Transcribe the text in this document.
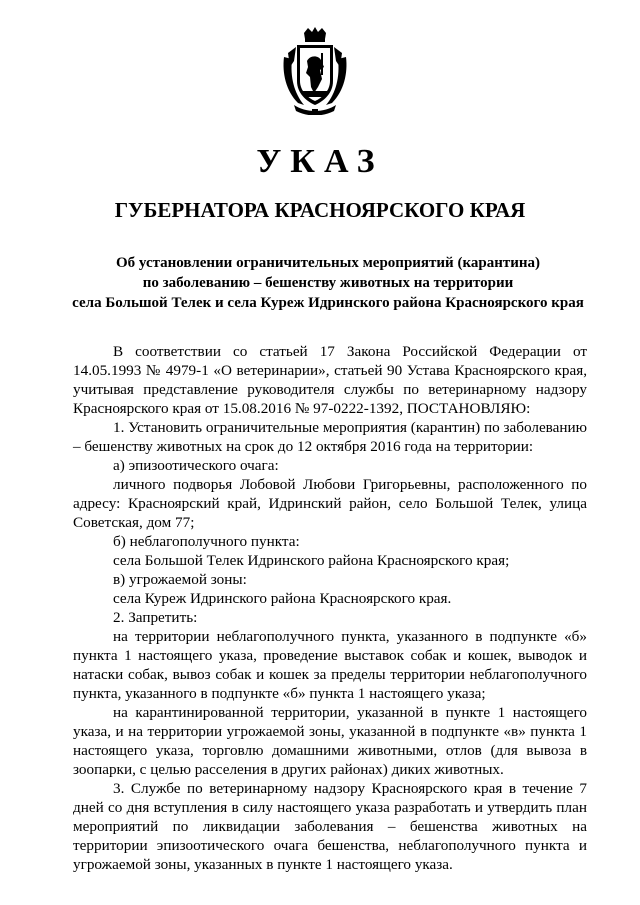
УКАЗ
ГУБЕРНАТОРА КРАСНОЯРСКОГО КРАЯ
Об установлении ограничительных мероприятий (карантина)
по заболеванию – бешенству животных на территории
села Большой Телек и села Куреж Идринского района Красноярского края

В соответствии со статьей 17 Закона Российской Федерации от 14.05.1993 № 4979-1 «О ветеринарии», статьей 90 Устава Красноярского края, учитывая представление руководителя службы по ветеринарному надзору Красноярского края от 15.08.2016 № 97-0222-1392, ПОСТАНОВЛЯЮ:

1. Установить ограничительные мероприятия (карантин) по заболеванию – бешенству животных на срок до 12 октября 2016 года на территории:

а) эпизоотического очага:

личного подворья Лобовой Любови Григорьевны, расположенного по адресу: Красноярский край, Идринский район, село Большой Телек, улица Советская, дом 77;

б) неблагополучного пункта:

села Большой Телек Идринского района Красноярского края;

в) угрожаемой зоны:

села Куреж Идринского района Красноярского края.

2. Запретить:

на территории неблагополучного пункта, указанного в подпункте «б» пункта 1 настоящего указа, проведение выставок собак и кошек, выводок и натаски собак, вывоз собак и кошек за пределы территории неблагополучного пункта, указанного в подпункте «б» пункта 1 настоящего указа;

на карантинированной территории, указанной в пункте 1 настоящего указа, и на территории угрожаемой зоны, указанной в подпункте «в» пункта 1 настоящего указа, торговлю домашними животными, отлов (для вывоза в зоопарки, с целью расселения в других районах) диких животных.

3. Службе по ветеринарному надзору Красноярского края в течение 7 дней со дня вступления в силу настоящего указа разработать и утвердить план мероприятий по ликвидации заболевания – бешенства животных на территории эпизоотического очага бешенства, неблагополучного пункта и угрожаемой зоны, указанных в пункте 1 настоящего указа.
